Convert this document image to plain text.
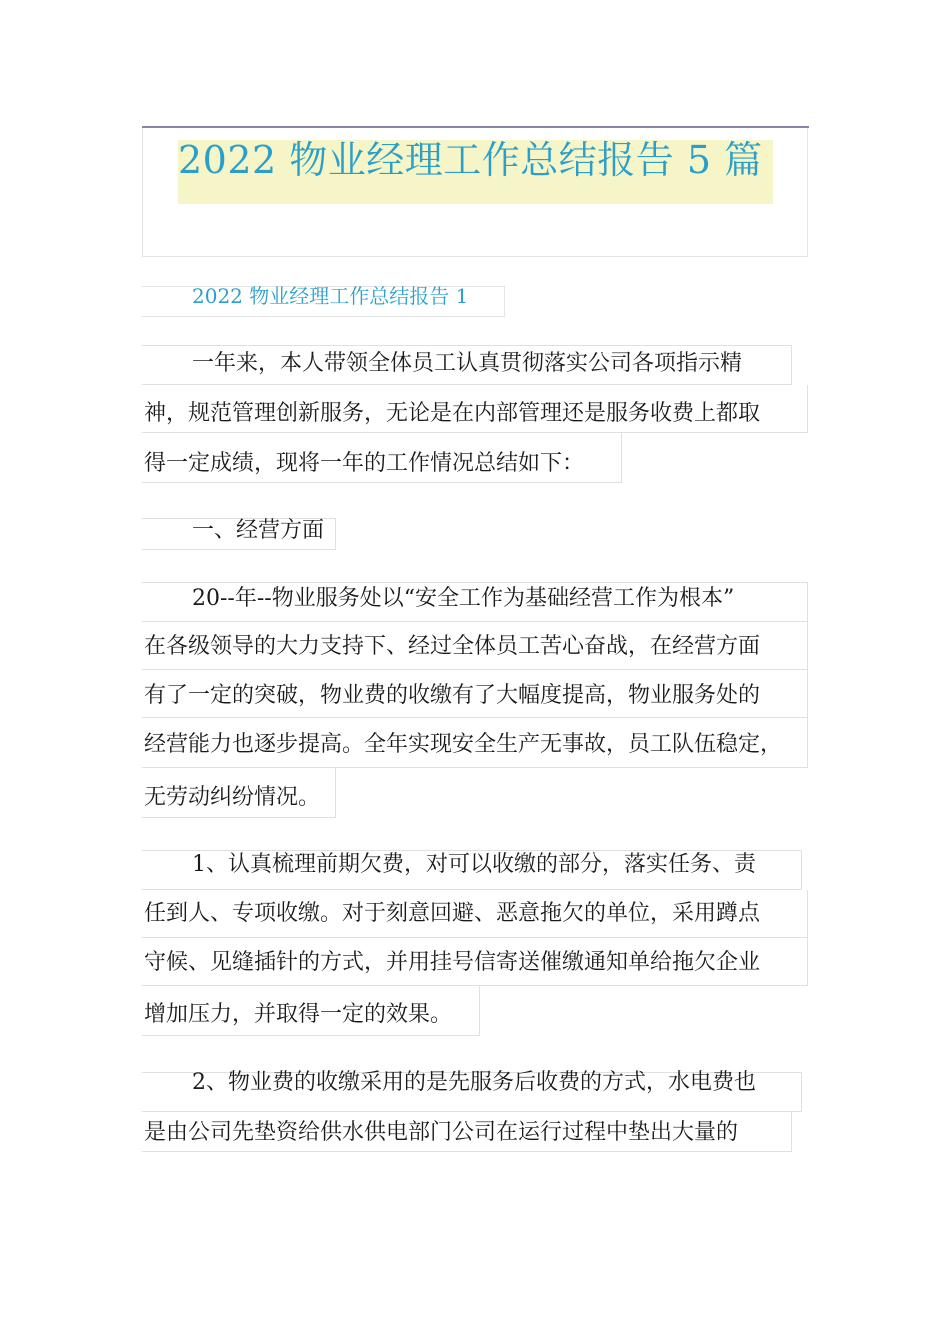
2022 物业经理工作总结报告 5 篇
2022 物业经理工作总结报告 1
一年来，本人带领全体员工认真贯彻落实公司各项指示精
神，规范管理创新服务，无论是在内部管理还是服务收费上都取
得一定成绩，现将一年的工作情况总结如下：
一、经营方面
20--年--物业服务处以“安全工作为基础经营工作为根本”
在各级领导的大力支持下、经过全体员工苦心奋战，在经营方面
有了一定的突破，物业费的收缴有了大幅度提高，物业服务处的
经营能力也逐步提高。全年实现安全生产无事故，员工队伍稳定，
无劳动纠纷情况。
1、认真梳理前期欠费，对可以收缴的部分，落实任务、责
任到人、专项收缴。对于刻意回避、恶意拖欠的单位，采用蹲点
守候、见缝插针的方式，并用挂号信寄送催缴通知单给拖欠企业
增加压力，并取得一定的效果。
2、物业费的收缴采用的是先服务后收费的方式，水电费也
是由公司先垫资给供水供电部门公司在运行过程中垫出大量的
